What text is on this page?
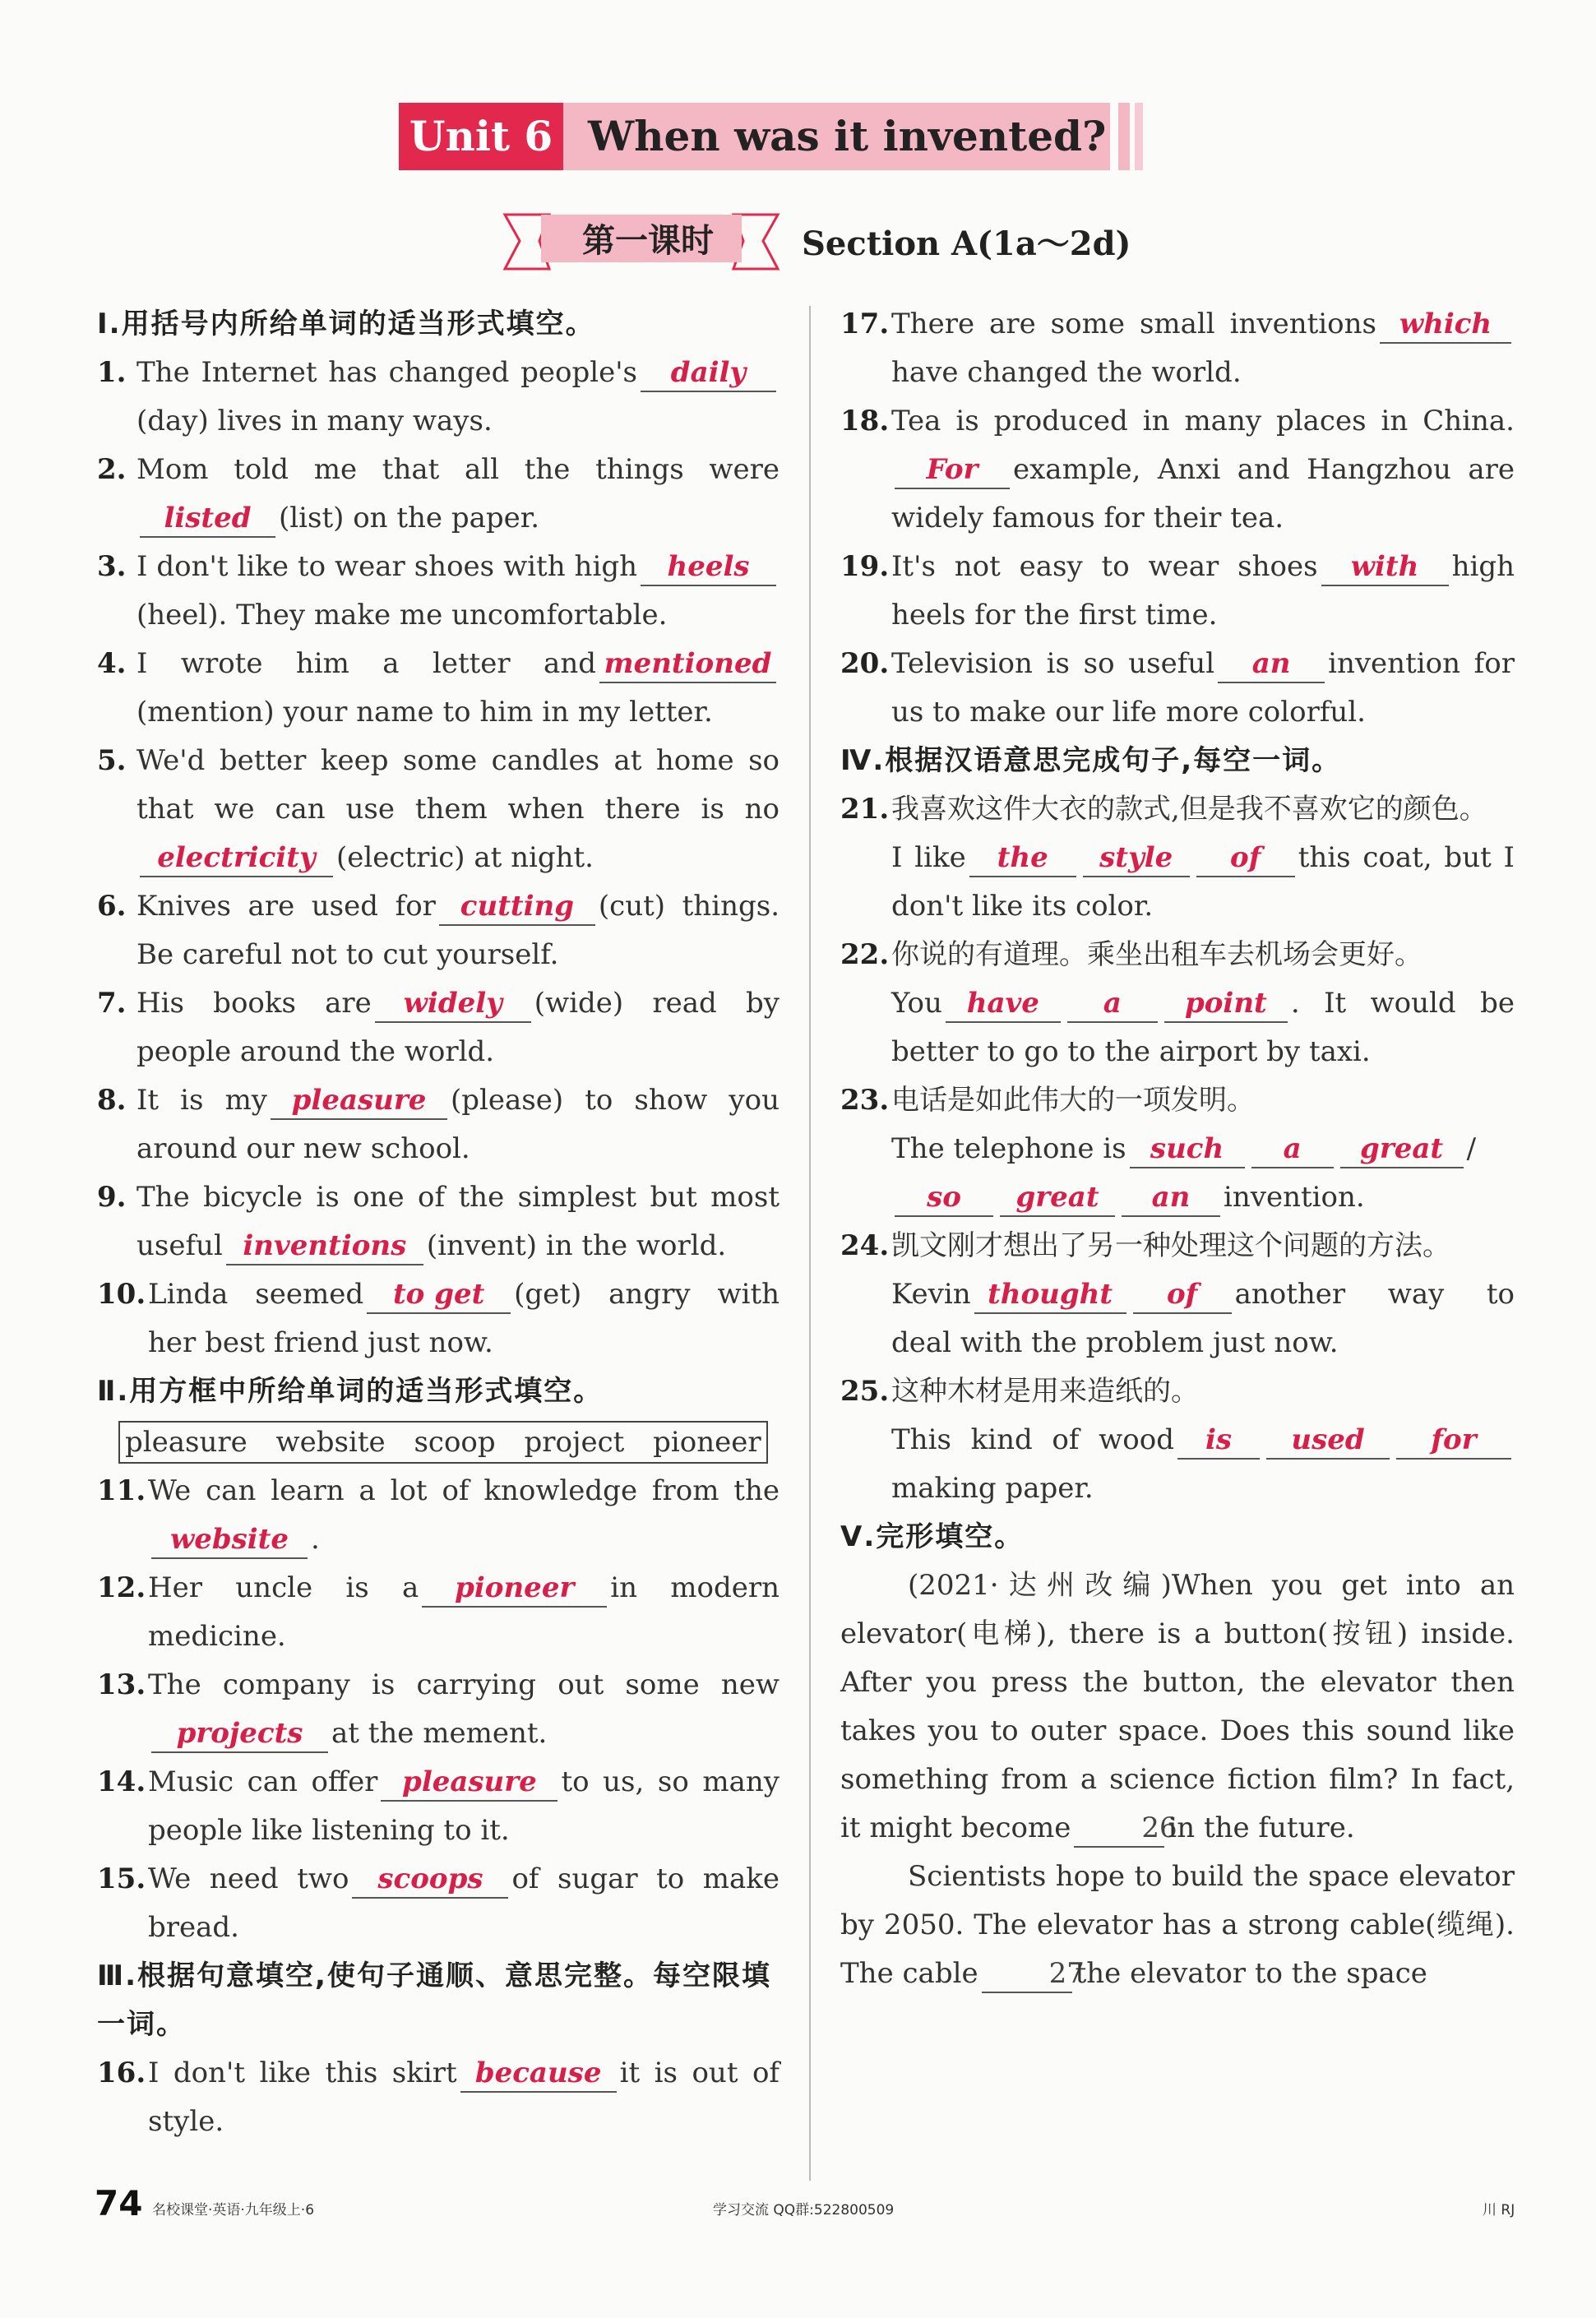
Unit 6 When was it invented?
第一课时	Section A(1a～2d)
Ⅰ.用括号内所给单词的适当形式填空。
1. The Internet has changed people's daily(day) lives in many ways.
2. Mom told me that all the things werelisted (list) on the paper.
3. I don't like to wear shoes with high heels(heel). They make me uncomfortable.
4. I wrote him a letter and mentioned(mention) your name to him in my letter.
5. We'd better keep some candles at home so that we can use them when there is noelectricity (electric) at night.
6. Knives are used for cutting (cut) things. Be careful not to cut yourself.
7. His books are widely (wide) read by people around the world.
8. It is my pleasure (please) to show you around our new school.
9. The bicycle is one of the simplest but most useful inventions (invent) in the world.
10. Linda seemed to get (get) angry with her best friend just now.
Ⅱ.用方框中所给单词的适当形式填空。
pleasure website scoop project pioneer
11. We can learn a lot of knowledge from thewebsite .
12. Her uncle is a pioneer in modern medicine.
13. The company is carrying out some newprojects at the mement.
14. Music can offer pleasure to us, so many people like listening to it.
15. We need two scoops of sugar to make bread.
Ⅲ.根据句意填空,使句子通顺、意思完整。每空限填一词。
16. I don't like this skirt because it is out of style.
17. There are some small inventions whichhave changed the world.
18. Tea is produced in many places in China.For example, Anxi and Hangzhou are widely famous for their tea.
19. It's not easy to wear shoes with high heels for the first time.
20. Television is so useful an invention for us to make our life more colorful.
Ⅳ.根据汉语意思完成句子,每空一词。
21. 我喜欢这件大衣的款式,但是我不喜欢它的颜色。
I like the style of this coat, but I don't like its color.
22. 你说的有道理。乘坐出租车去机场会更好。
You have a point . It would be better to go to the airport by taxi.
23. 电话是如此伟大的一项发明。
The telephone is such a great /
so great an invention.
24. 凯文刚才想出了另一种处理这个问题的方法。
Kevin thought of another way to deal with the problem just now.
25. 这种木材是用来造纸的。
This kind of wood is used formaking paper.
Ⅴ.完形填空。
(2021·达州改编)When you get into an elevator(电梯), there is a button(按钮) inside. After you press the button, the elevator then takes you to outer space. Does this sound like something from a science fiction film? In fact, it might become	26in the future.
Scientists hope to build the space elevator by 2050. The elevator has a strong cable(缆绳). The cable	27the elevator to the space
74 名校课堂·英语·九年级上·6	学习交流 QQ群:522800509	川 RJ
